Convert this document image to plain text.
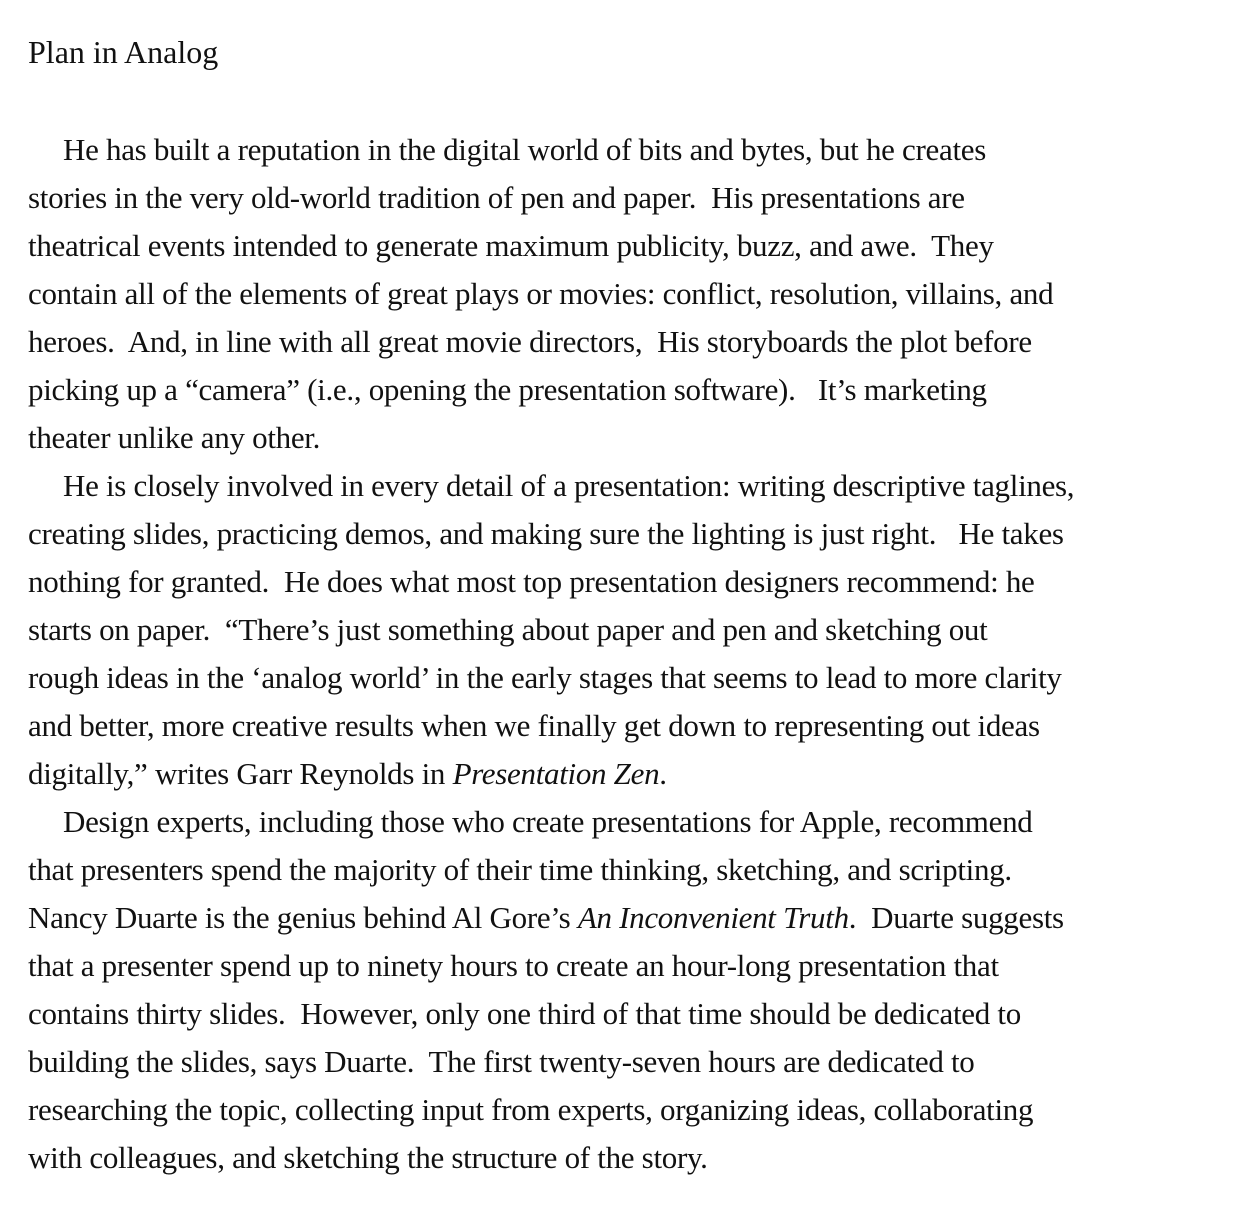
Plan in Analog
He has built a reputation in the digital world of bits and bytes, but he creates
stories in the very old-world tradition of pen and paper.  His presentations are
theatrical events intended to generate maximum publicity, buzz, and awe.  They
contain all of the elements of great plays or movies: conflict, resolution, villains, and
heroes.  And, in line with all great movie directors,  His storyboards the plot before
picking up a “camera” (i.e., opening the presentation software).   It’s marketing
theater unlike any other.
He is closely involved in every detail of a presentation: writing descriptive taglines,
creating slides, practicing demos, and making sure the lighting is just right.   He takes
nothing for granted.  He does what most top presentation designers recommend: he
starts on paper.  “There’s just something about paper and pen and sketching out
rough ideas in the ‘analog world’ in the early stages that seems to lead to more clarity
and better, more creative results when we finally get down to representing out ideas
digitally,” writes Garr Reynolds in Presentation Zen.
Design experts, including those who create presentations for Apple, recommend
that presenters spend the majority of their time thinking, sketching, and scripting.
Nancy Duarte is the genius behind Al Gore’s An Inconvenient Truth.  Duarte suggests
that a presenter spend up to ninety hours to create an hour-long presentation that
contains thirty slides.  However, only one third of that time should be dedicated to
building the slides, says Duarte.  The first twenty-seven hours are dedicated to
researching the topic, collecting input from experts, organizing ideas, collaborating
with colleagues, and sketching the structure of the story.
